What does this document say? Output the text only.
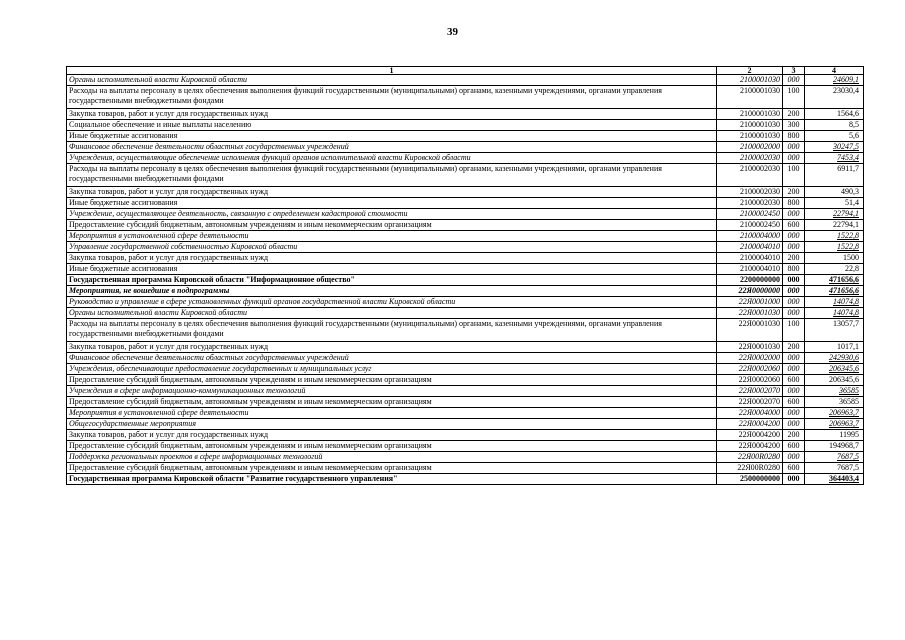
39
1	2	3	4
Органы исполнительной власти Кировской области	2100001030	000	24609,1
Расходы на выплаты персоналу в целях обеспечения выполнения функций государственными (муниципальными) органами, казенными учреждениями, органами управления государственными внебюджетными фондами	2100001030	100	23030,4
Закупка товаров, работ и услуг для государственных нужд	2100001030	200	1564,6
Социальное обеспечение и иные выплаты населению	2100001030	300	8,5
Иные бюджетные ассигнования	2100001030	800	5,6
Финансовое обеспечение деятельности областных государственных учреждений	2100002000	000	30247,5
Учреждения, осуществляющие обеспечение исполнения функций органов исполнительной власти Кировской области	2100002030	000	7453,4
Расходы на выплаты персоналу в целях обеспечения выполнения функций государственными (муниципальными) органами, казенными учреждениями, органами управления государственными внебюджетными фондами	2100002030	100	6911,7
Закупка товаров, работ и услуг для государственных нужд	2100002030	200	490,3
Иные бюджетные ассигнования	2100002030	800	51,4
Учреждение, осуществляющее деятельность, связанную с определением кадастровой стоимости	2100002450	000	22794,1
Предоставление субсидий бюджетным, автономным учреждениям и иным некоммерческим организациям	2100002450	600	22794,1
Мероприятия в установленной сфере деятельности	2100004000	000	1522,8
Управление государственной собственностью Кировской области	2100004010	000	1522,8
Закупка товаров, работ и услуг для государственных нужд	2100004010	200	1500
Иные бюджетные ассигнования	2100004010	800	22,8
Государственная программа Кировской области "Информационное общество"	2200000000	000	471656,6
Мероприятия, не вошедшие в подпрограммы	22Я0000000	000	471656,6
Руководство и управление в сфере установленных функций органов государственной власти Кировской области	22Я0001000	000	14074,8
Органы исполнительной власти Кировской области	22Я0001030	000	14074,8
Расходы на выплаты персоналу в целях обеспечения выполнения функций государственными (муниципальными) органами, казенными учреждениями, органами управления государственными внебюджетными фондами	22Я0001030	100	13057,7
Закупка товаров, работ и услуг для государственных нужд	22Я0001030	200	1017,1
Финансовое обеспечение деятельности областных государственных учреждений	22Я0002000	000	242930,6
Учреждения, обеспечивающие предоставление государственных и муниципальных услуг	22Я0002060	000	206345,6
Предоставление субсидий бюджетным, автономным учреждениям и иным некоммерческим организациям	22Я0002060	600	206345,6
Учреждения в сфере информационно-коммуникационных технологий	22Я0002070	000	36585
Предоставление субсидий бюджетным, автономным учреждениям и иным некоммерческим организациям	22Я0002070	600	36585
Мероприятия в установленной сфере деятельности	22Я0004000	000	206963,7
Общегосударственные мероприятия	22Я0004200	000	206963,7
Закупка товаров, работ и услуг для государственных нужд	22Я0004200	200	11995
Предоставление субсидий бюджетным, автономным учреждениям и иным некоммерческим организациям	22Я0004200	600	194968,7
Поддержка региональных проектов в сфере информационных технологий	22Я00R0280	000	7687,5
Предоставление субсидий бюджетным, автономным учреждениям и иным некоммерческим организациям	22Я00R0280	600	7687,5
Государственная программа Кировской области "Развитие государственного управления"	2500000000	000	364403,4
